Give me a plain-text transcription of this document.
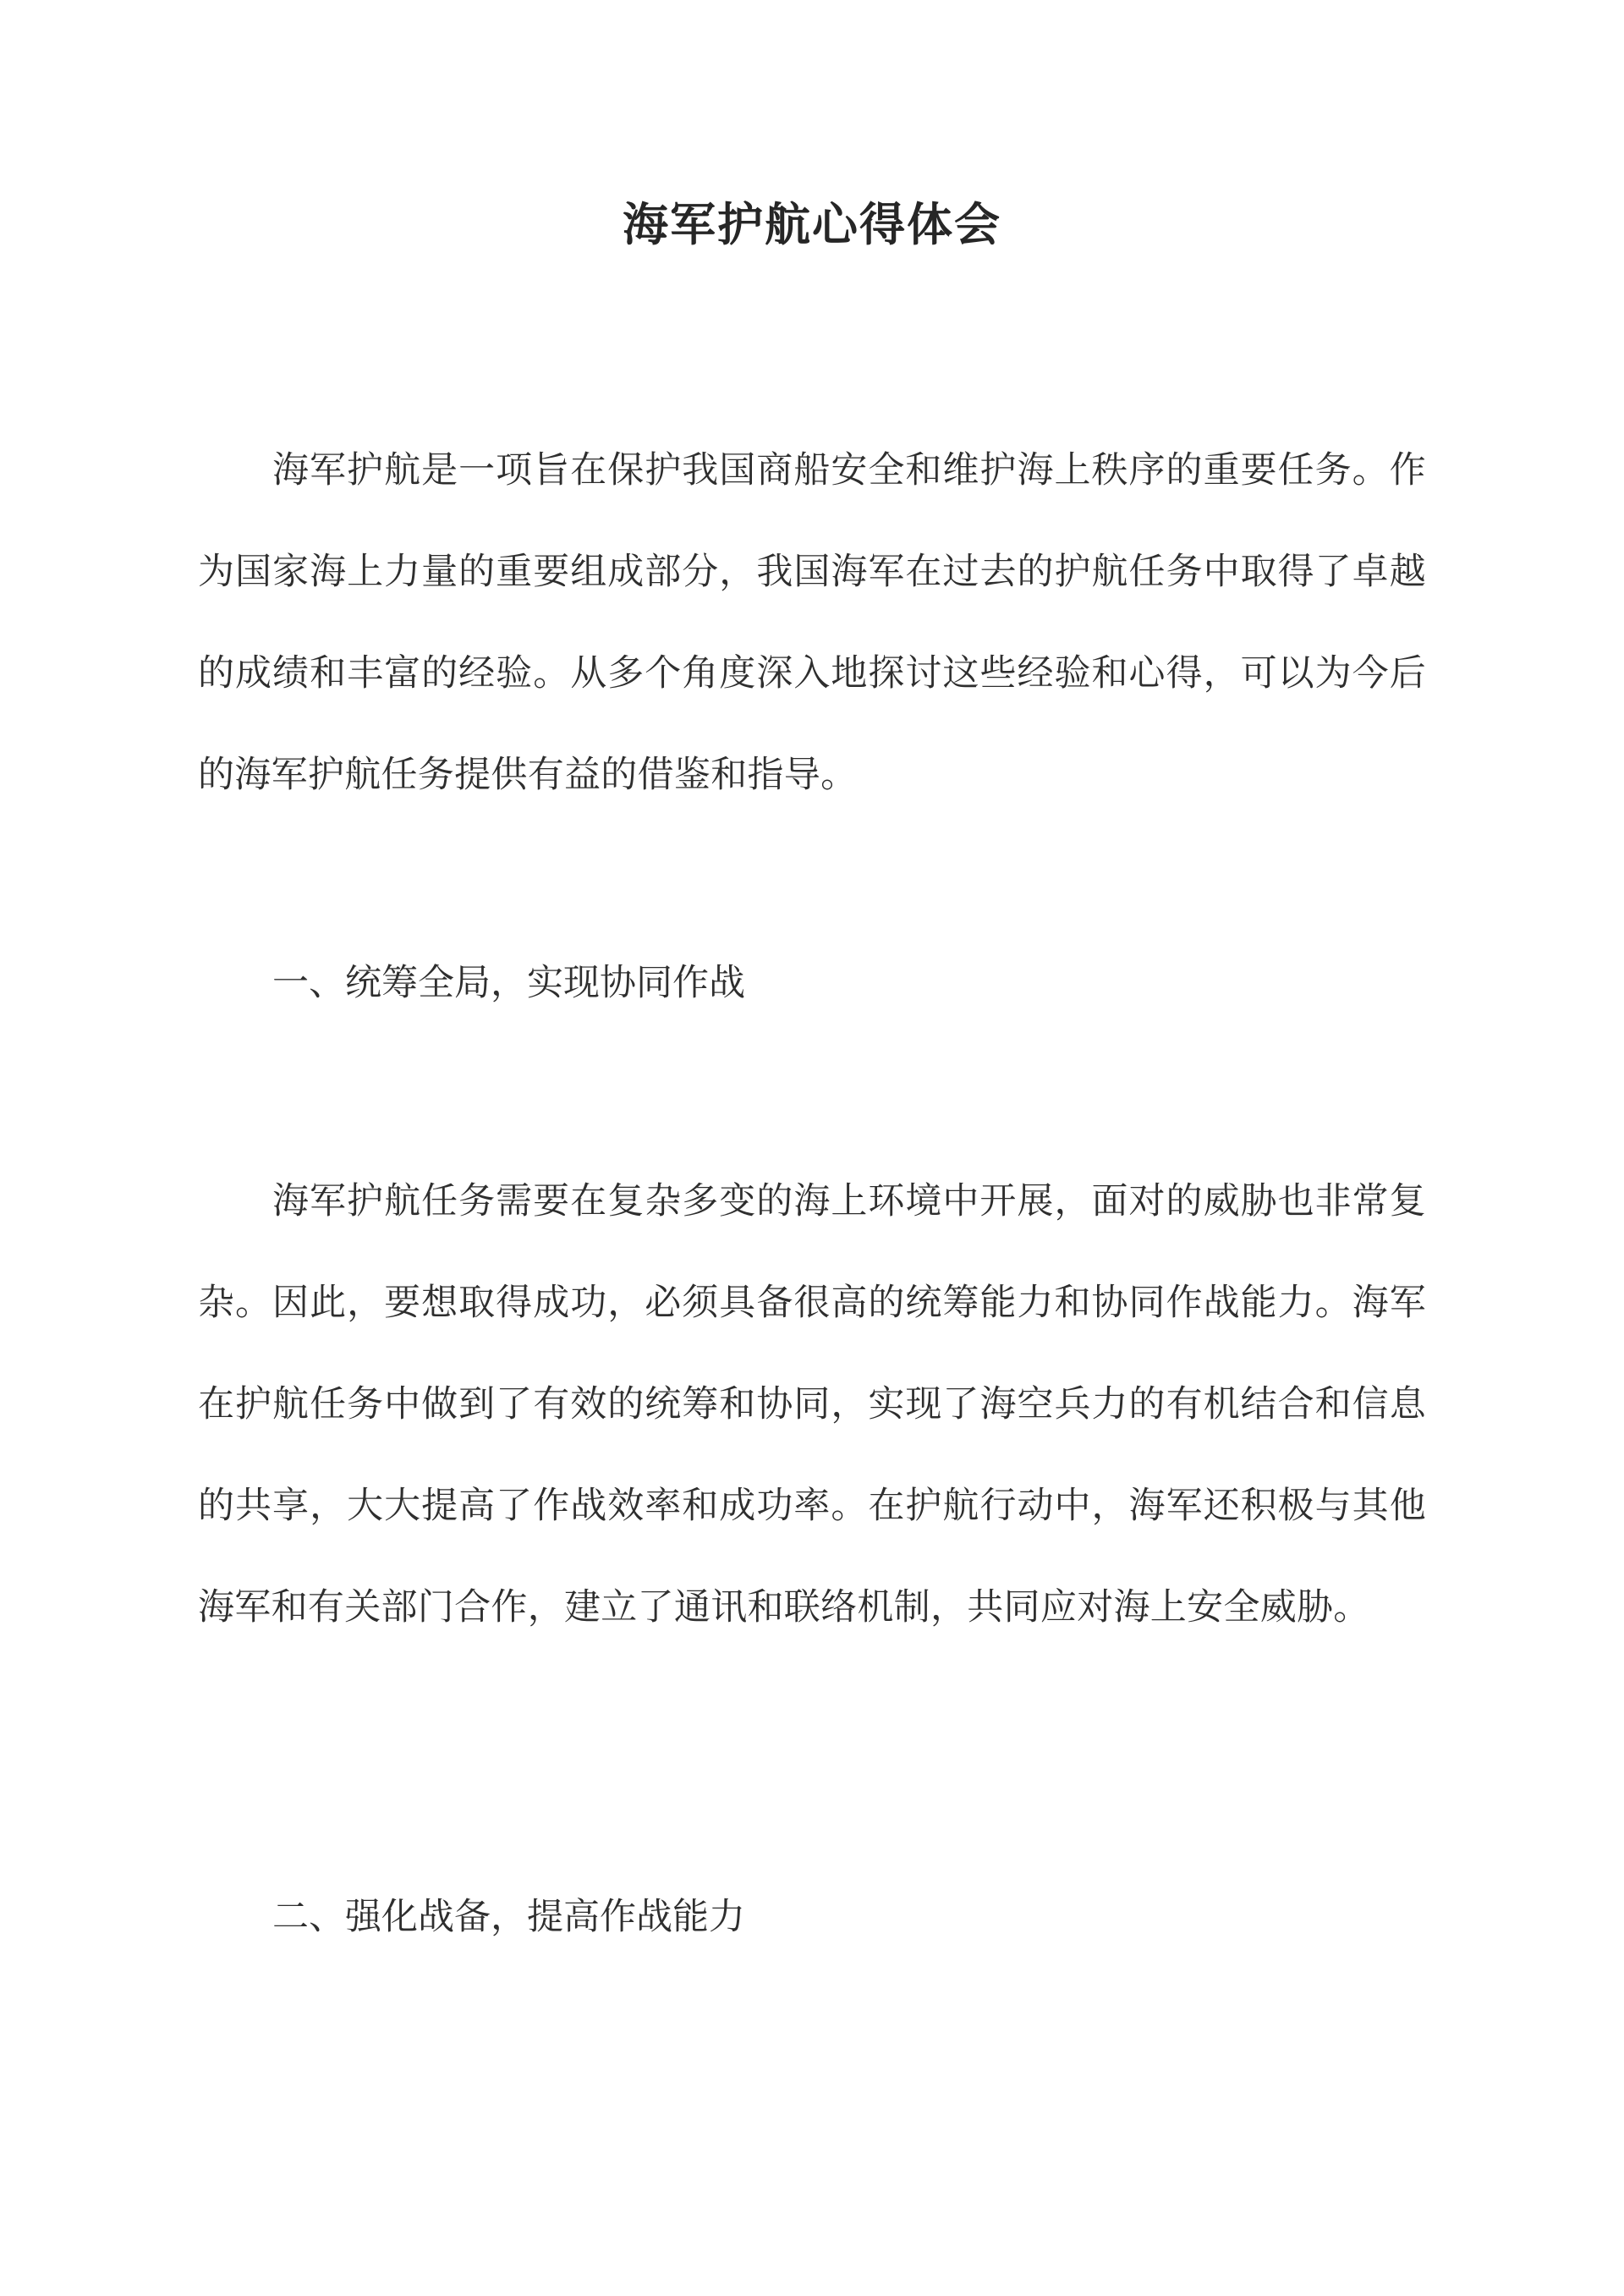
海军护航心得体会

海军护航是一项旨在保护我国商船安全和维护海上秩序的重要任务。作为国家海上力量的重要组成部分，我国海军在过去的护航任务中取得了卓越的成绩和丰富的经验。从多个角度深入地探讨这些经验和心得，可以为今后的海军护航任务提供有益的借鉴和指导。

一、统筹全局，实现协同作战

海军护航任务需要在复杂多变的海上环境中开展，面对的威胁也非常复杂。因此，要想取得成功，必须具备很高的统筹能力和协同作战能力。海军在护航任务中做到了有效的统筹和协同，实现了海空兵力的有机结合和信息的共享，大大提高了作战效率和成功率。在护航行动中，海军还积极与其他海军和有关部门合作，建立了通讯和联络机制，共同应对海上安全威胁。

二、强化战备，提高作战能力
